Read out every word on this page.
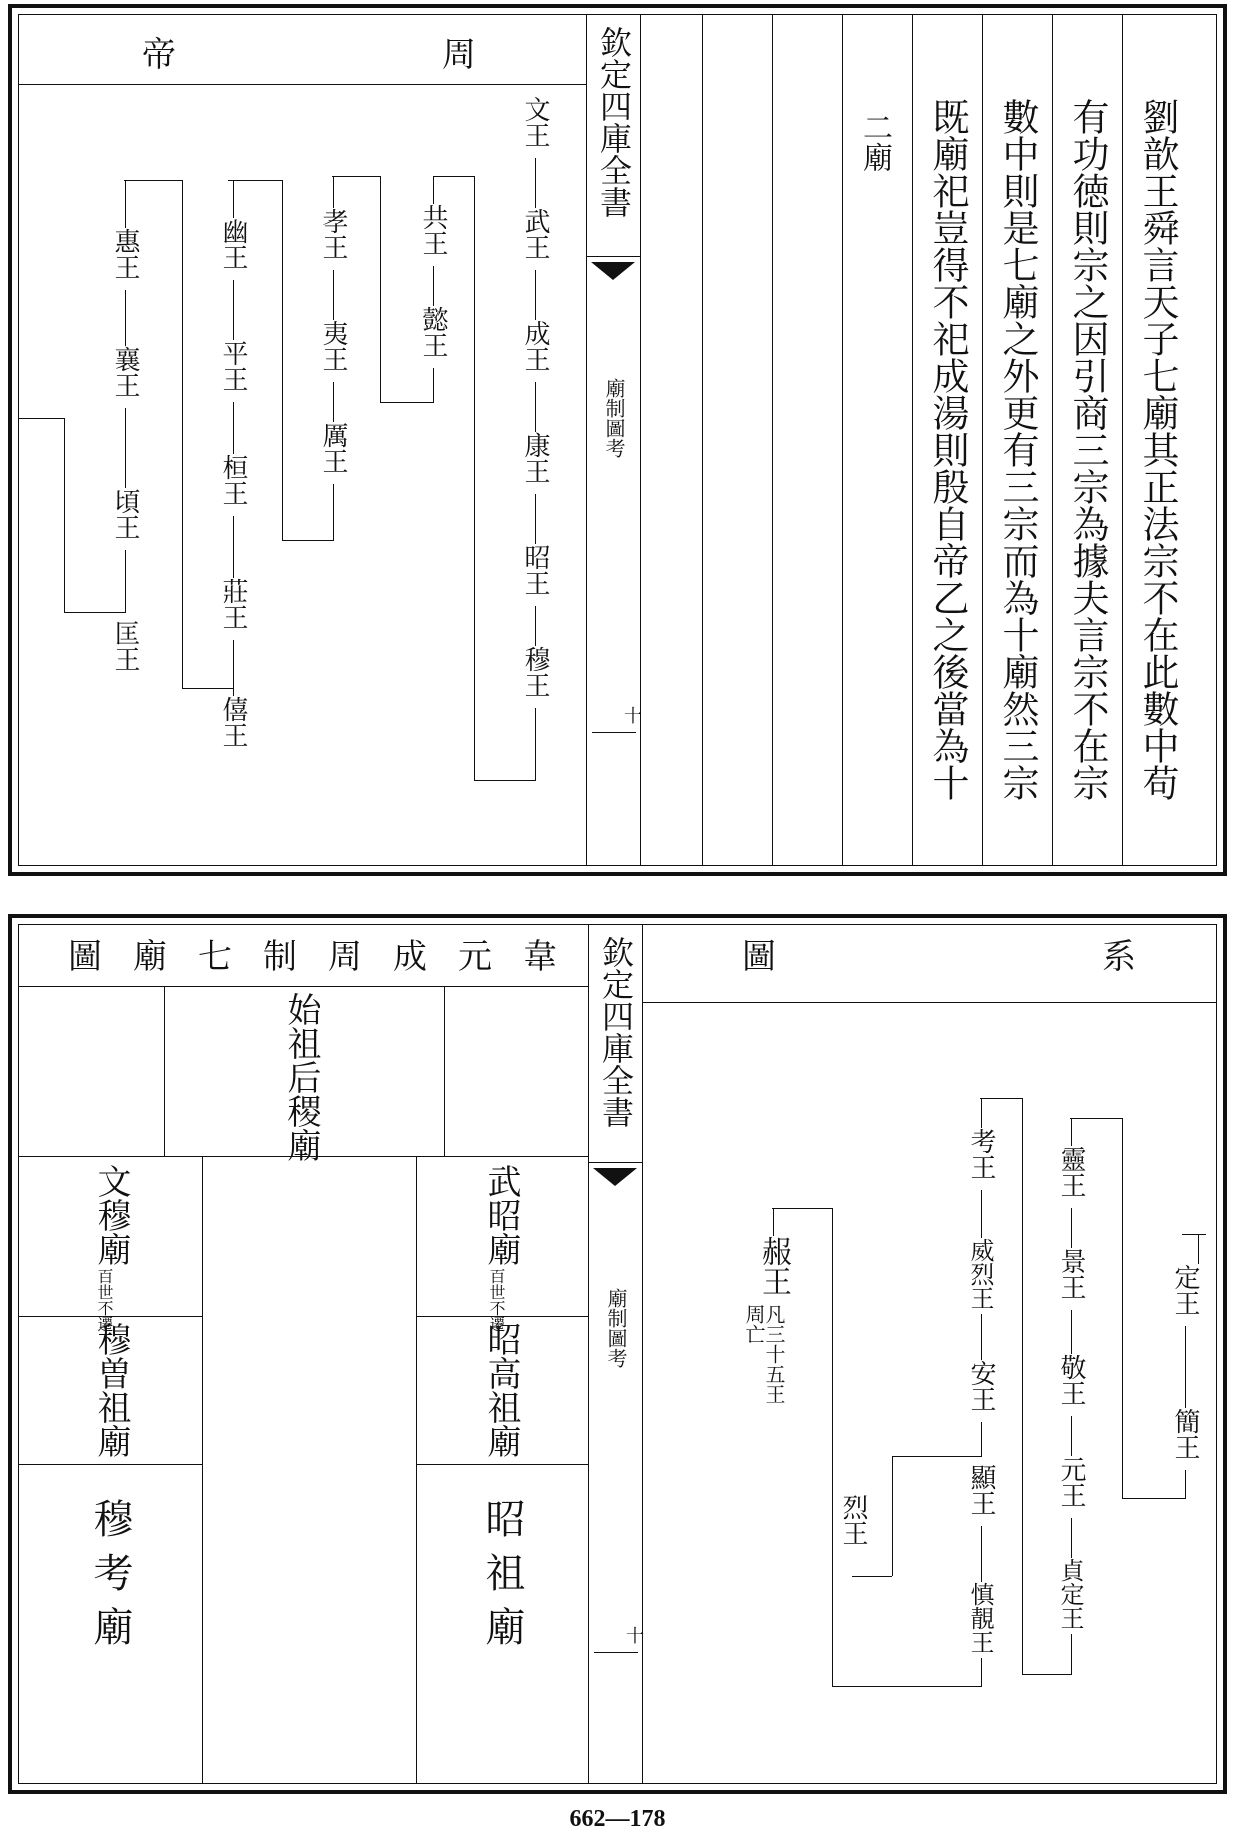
欽定四庫全書
廟制圖考
十
帝	周
劉歆王舜言天子七廟其正法宗不在此數中苟
有功徳則宗之因引商三宗為據夫言宗不在宗
數中則是七廟之外更有三宗而為十廟然三宗
既廟祀豈得不祀成湯則殷自帝乙之後當為十
二廟
文王
武王
成王
康王
昭王
穆王
共王
懿王
孝王
夷王
厲王
幽王
平王
桓王
莊王
僖王
惠王
襄王
頃王
匡王
欽定四庫全書
廟制圖考
十
圖廟七制周成元韋
始祖后稷廟
文穆廟
百世不遷
武昭廟
百世不遷
穆曽祖廟	昭高祖廟
穆考廟	昭祖廟
系
圖
定王
簡王
靈王
景王
敬王
元王
貞定王
考王
威烈王
安王
顯王
慎靚王
烈王
赧王
凡三十五王周亡
662—178
